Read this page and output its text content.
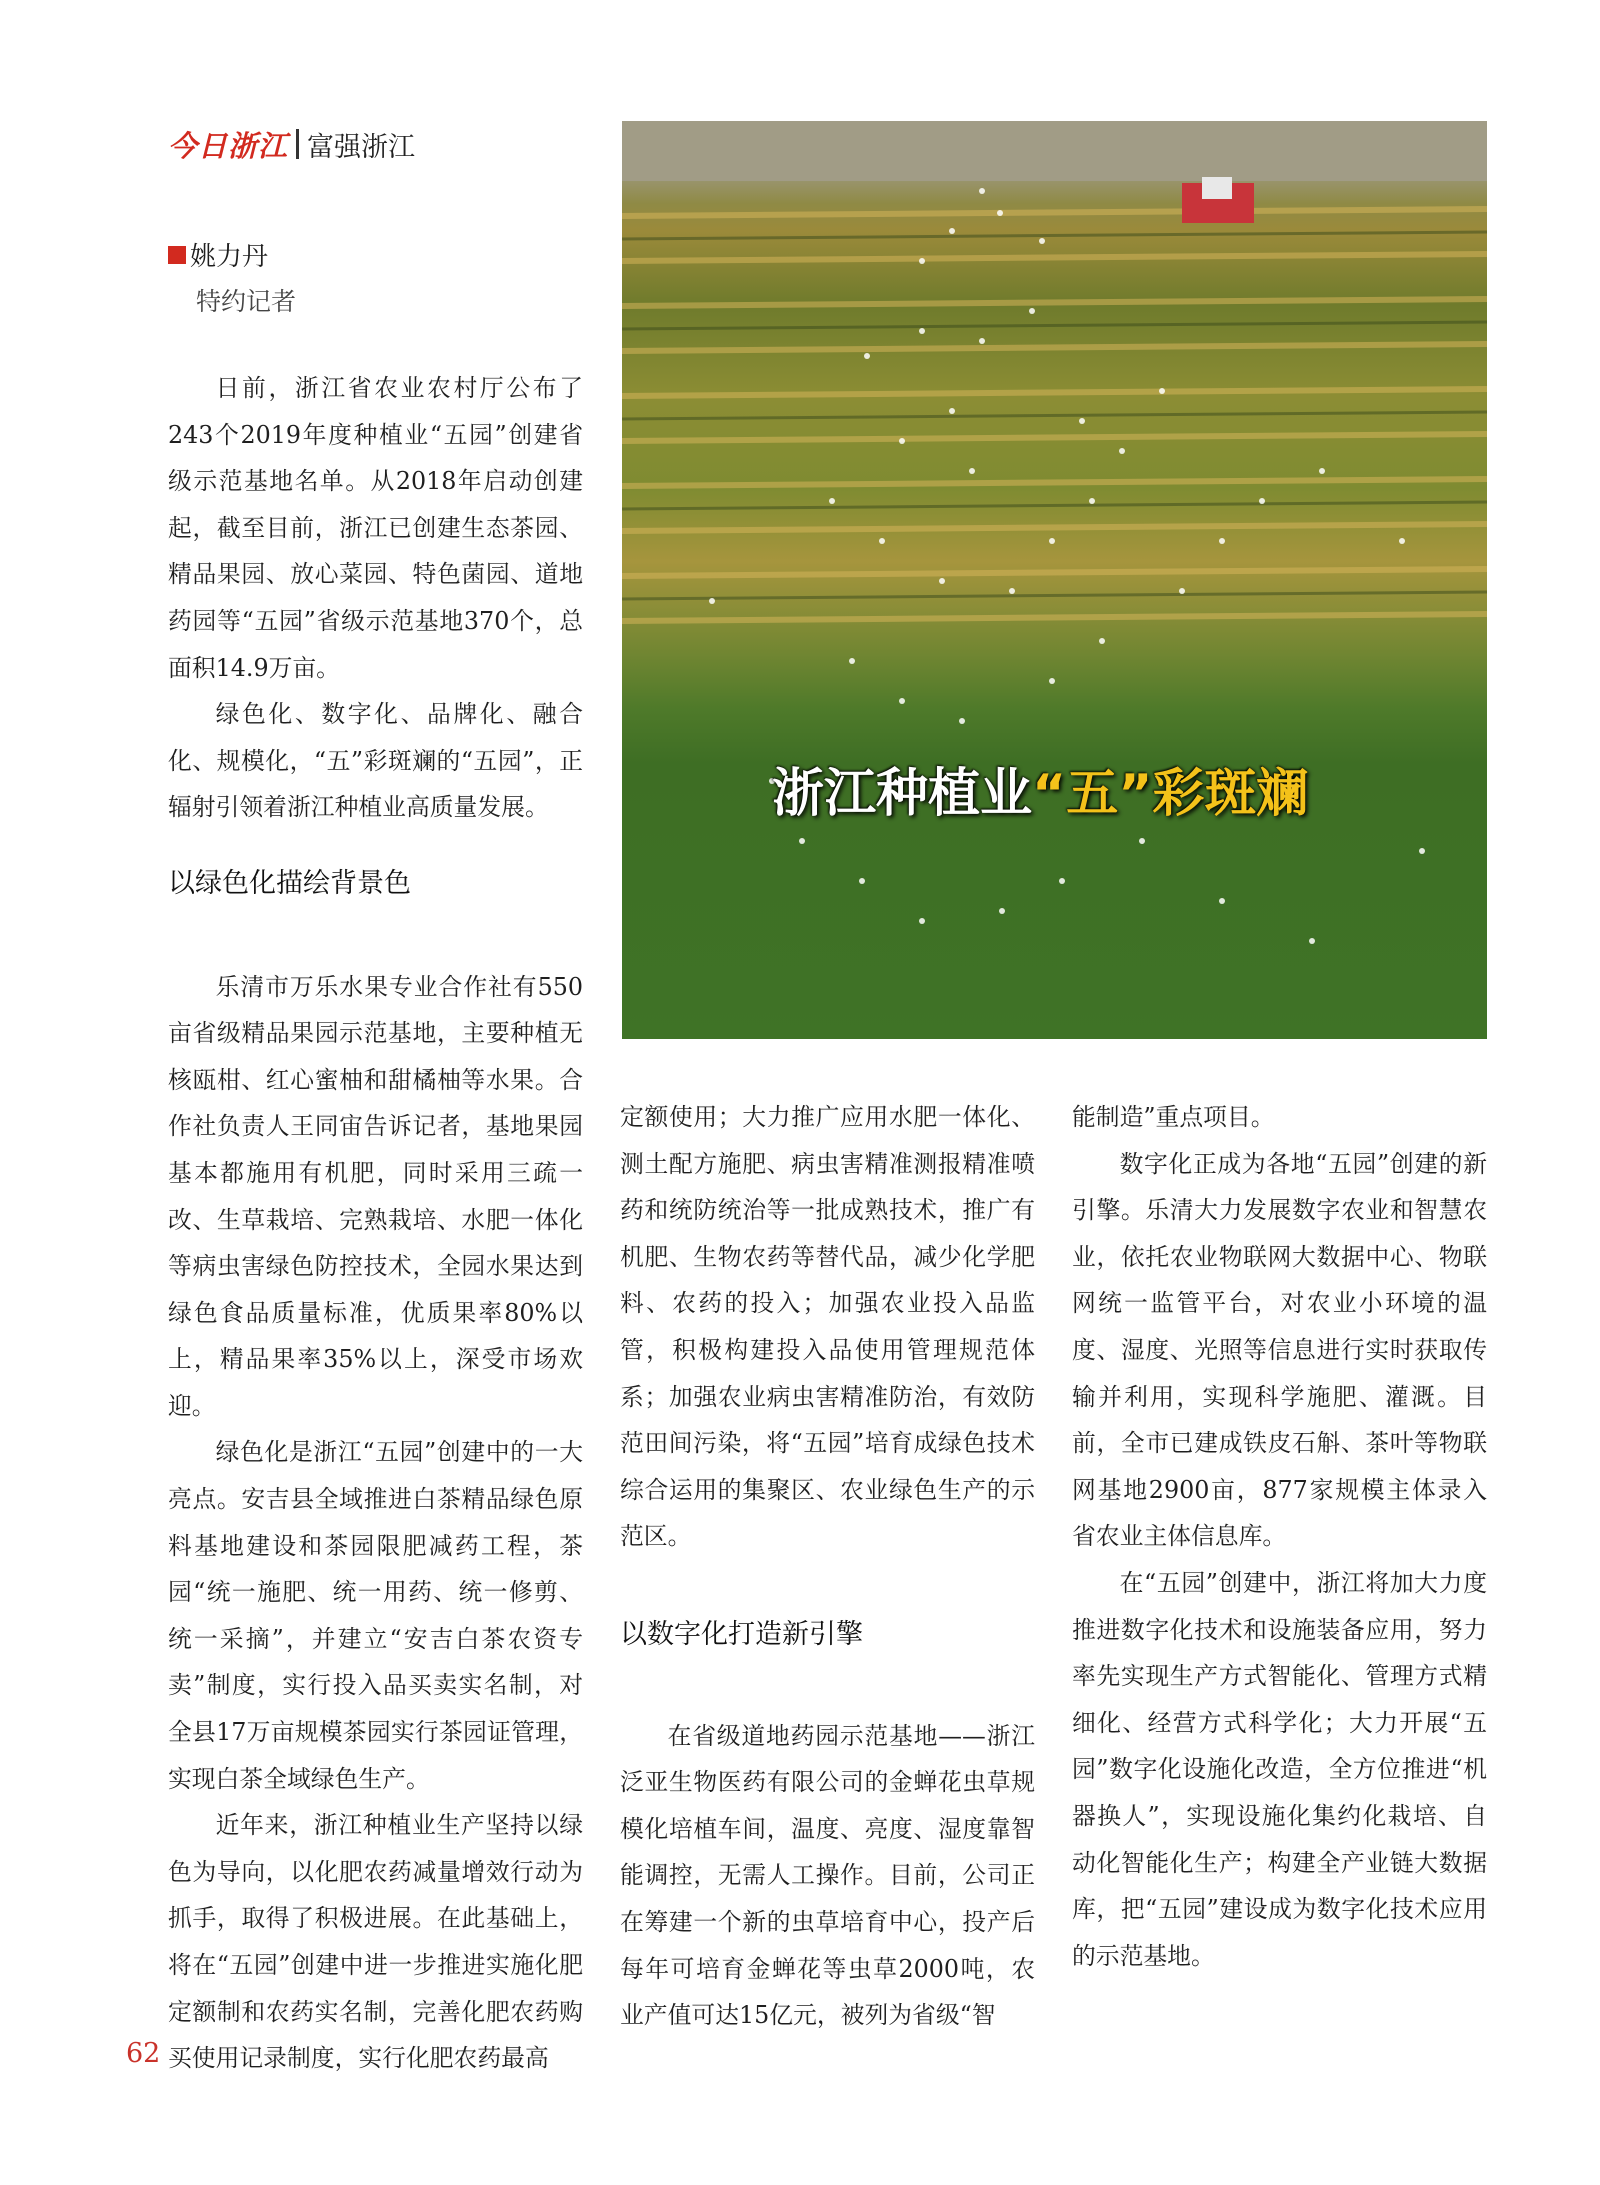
今日浙江 富强浙江
姚力丹
特约记者

日前，浙江省农业农村厅公布了243个2019年度种植业“五园”创建省级示范基地名单。从2018年启动创建起，截至目前，浙江已创建生态茶园、精品果园、放心菜园、特色菌园、道地药园等“五园”省级示范基地370个，总面积14.9万亩。

绿色化、数字化、品牌化、融合化、规模化，“五”彩斑斓的“五园”，正辐射引领着浙江种植业高质量发展。

以绿色化描绘背景色

乐清市万乐水果专业合作社有550亩省级精品果园示范基地，主要种植无核瓯柑、红心蜜柚和甜橘柚等水果。合作社负责人王同宙告诉记者，基地果园基本都施用有机肥，同时采用三疏一改、生草栽培、完熟栽培、水肥一体化等病虫害绿色防控技术，全园水果达到绿色食品质量标准，优质果率80%以上，精品果率35%以上，深受市场欢迎。

绿色化是浙江“五园”创建中的一大亮点。安吉县全域推进白茶精品绿色原料基地建设和茶园限肥减药工程，茶园“统一施肥、统一用药、统一修剪、统一采摘”，并建立“安吉白茶农资专卖”制度，实行投入品买卖实名制，对全县17万亩规模茶园实行茶园证管理，实现白茶全域绿色生产。

近年来，浙江种植业生产坚持以绿色为导向，以化肥农药减量增效行动为抓手，取得了积极进展。在此基础上，将在“五园”创建中进一步推进实施化肥定额制和农药实名制，完善化肥农药购买使用记录制度，实行化肥农药最高

浙江种植业“五”彩斑斓

定额使用；大力推广应用水肥一体化、测土配方施肥、病虫害精准测报精准喷药和统防统治等一批成熟技术，推广有机肥、生物农药等替代品，减少化学肥料、农药的投入；加强农业投入品监管，积极构建投入品使用管理规范体系；加强农业病虫害精准防治，有效防范田间污染，将“五园”培育成绿色技术综合运用的集聚区、农业绿色生产的示范区。

以数字化打造新引擎

在省级道地药园示范基地——浙江泛亚生物医药有限公司的金蝉花虫草规模化培植车间，温度、亮度、湿度靠智能调控，无需人工操作。目前，公司正在筹建一个新的虫草培育中心，投产后每年可培育金蝉花等虫草2000吨，农业产值可达15亿元，被列为省级“智

能制造”重点项目。

数字化正成为各地“五园”创建的新引擎。乐清大力发展数字农业和智慧农业，依托农业物联网大数据中心、物联网统一监管平台，对农业小环境的温度、湿度、光照等信息进行实时获取传输并利用，实现科学施肥、灌溉。目前，全市已建成铁皮石斛、茶叶等物联网基地2900亩，877家规模主体录入省农业主体信息库。

在“五园”创建中，浙江将加大力度推进数字化技术和设施装备应用，努力率先实现生产方式智能化、管理方式精细化、经营方式科学化；大力开展“五园”数字化设施化改造，全方位推进“机器换人”，实现设施化集约化栽培、自动化智能化生产；构建全产业链大数据库，把“五园”建设成为数字化技术应用的示范基地。

62
